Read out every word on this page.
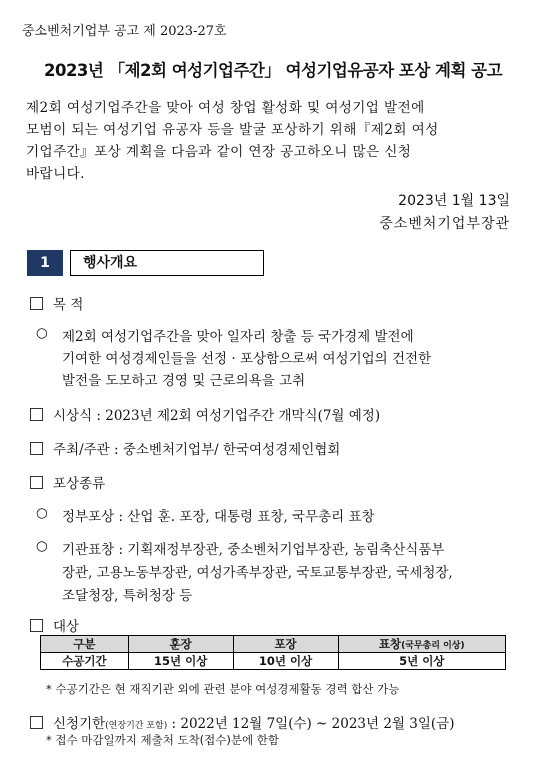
중소벤처기업부 공고 제 2023-27호
2023년 「제2회 여성기업주간」 여성기업유공자 포상 계획 공고
제2회 여성기업주간을 맞아 여성 창업 활성화 및 여성기업 발전에
모범이 되는 여성기업 유공자 등을 발굴 포상하기 위해『제2회 여성
기업주간』포상 계획을 다음과 같이 연장 공고하오니 많은 신청
바랍니다.
2023년 1월 13일
중소벤처기업부장관
1	행사개요
목 적
○ 제2회 여성기업주간을 맞아 일자리 창출 등 국가경제 발전에
기여한 여성경제인들을 선정 · 포상함으로써 여성기업의 건전한
발전을 도모하고 경영 및 근로의욕을 고취
시상식 : 2023년 제2회 여성기업주간 개막식(7월 예정)
주최/주관 : 중소벤처기업부/ 한국여성경제인협회
포상종류
○ 정부포상 : 산업 훈. 포장, 대통령 표창, 국무총리 표창
○ 기관표창 : 기획재정부장관, 중소벤처기업부장관, 농림축산식품부
장관, 고용노동부장관, 여성가족부장관, 국토교통부장관, 국세청장,
조달청장, 특허청장 등
대상
구분	훈장	포장	표창(국무총리 이상)
수공기간	15년 이상	10년 이상	5년 이상
* 수공기간은 현 재직기관 외에 관련 분야 여성경제활동 경력 합산 가능
신청기한(연장기간 포함) : 2022년 12월 7일(수) ~ 2023년 2월 3일(금)
* 접수 마감일까지 제출처 도착(접수)분에 한함
